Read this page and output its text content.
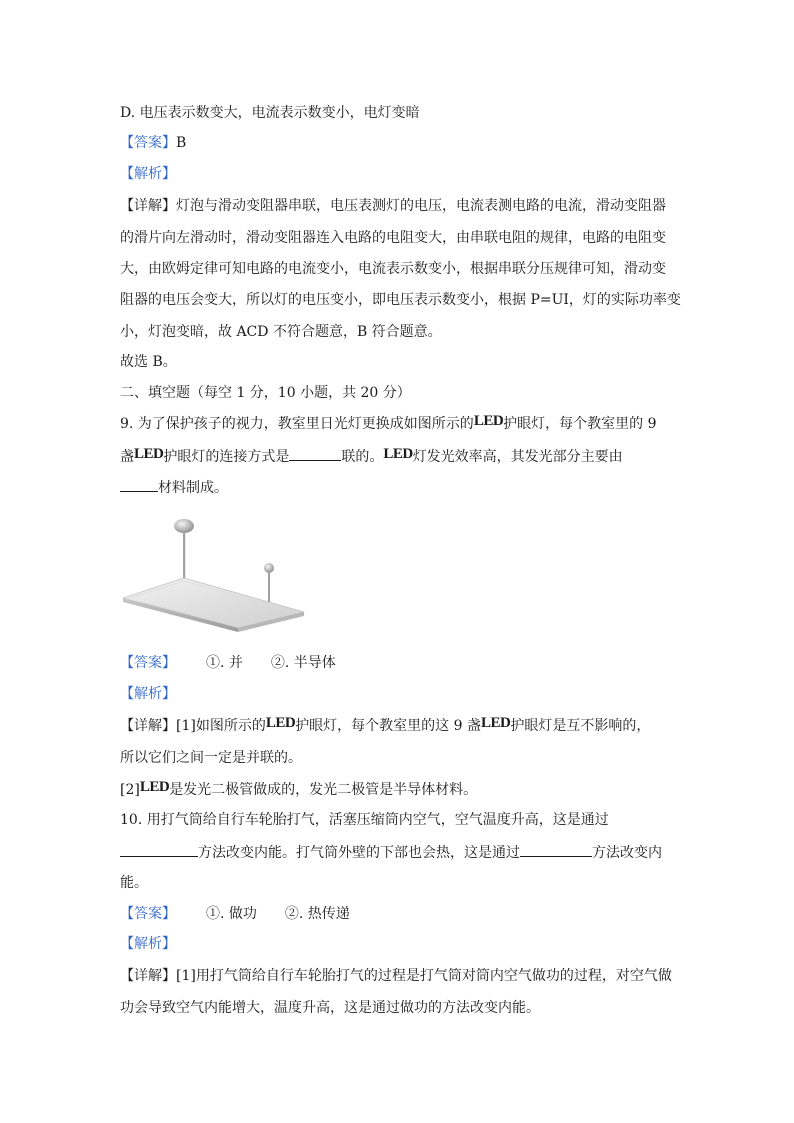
D. 电压表示数变大，电流表示数变小，电灯变暗
【答案】B
【解析】
【详解】灯泡与滑动变阻器串联，电压表测灯的电压，电流表测电路的电流，滑动变阻器
的滑片向左滑动时，滑动变阻器连入电路的电阻变大，由串联电阻的规律，电路的电阻变
大，由欧姆定律可知电路的电流变小，电流表示数变小，根据串联分压规律可知，滑动变
阻器的电压会变大，所以灯的电压变小，即电压表示数变小，根据 P=UI，灯的实际功率变
小，灯泡变暗，故 ACD 不符合题意，B 符合题意。
故选 B。
二、填空题（每空 1 分，10 小题，共 20 分）
9. 为了保护孩子的视力，教室里日光灯更换成如图所示的LED护眼灯，每个教室里的 9
盏LED护眼灯的连接方式是	联的。LED灯发光效率高，其发光部分主要由
材料制成。
【答案】 ①. 并 ②. 半导体
【解析】
【详解】[1]如图所示的LED护眼灯，每个教室里的这 9 盏LED护眼灯是互不影响的，
所以它们之间一定是并联的。
[2]LED是发光二极管做成的，发光二极管是半导体材料。
10. 用打气筒给自行车轮胎打气，活塞压缩筒内空气，空气温度升高，这是通过
方法改变内能。打气筒外壁的下部也会热，这是通过	方法改变内
能。
【答案】 ①. 做功 ②. 热传递
【解析】
【详解】[1]用打气筒给自行车轮胎打气的过程是打气筒对筒内空气做功的过程，对空气做
功会导致空气内能增大，温度升高，这是通过做功的方法改变内能。
